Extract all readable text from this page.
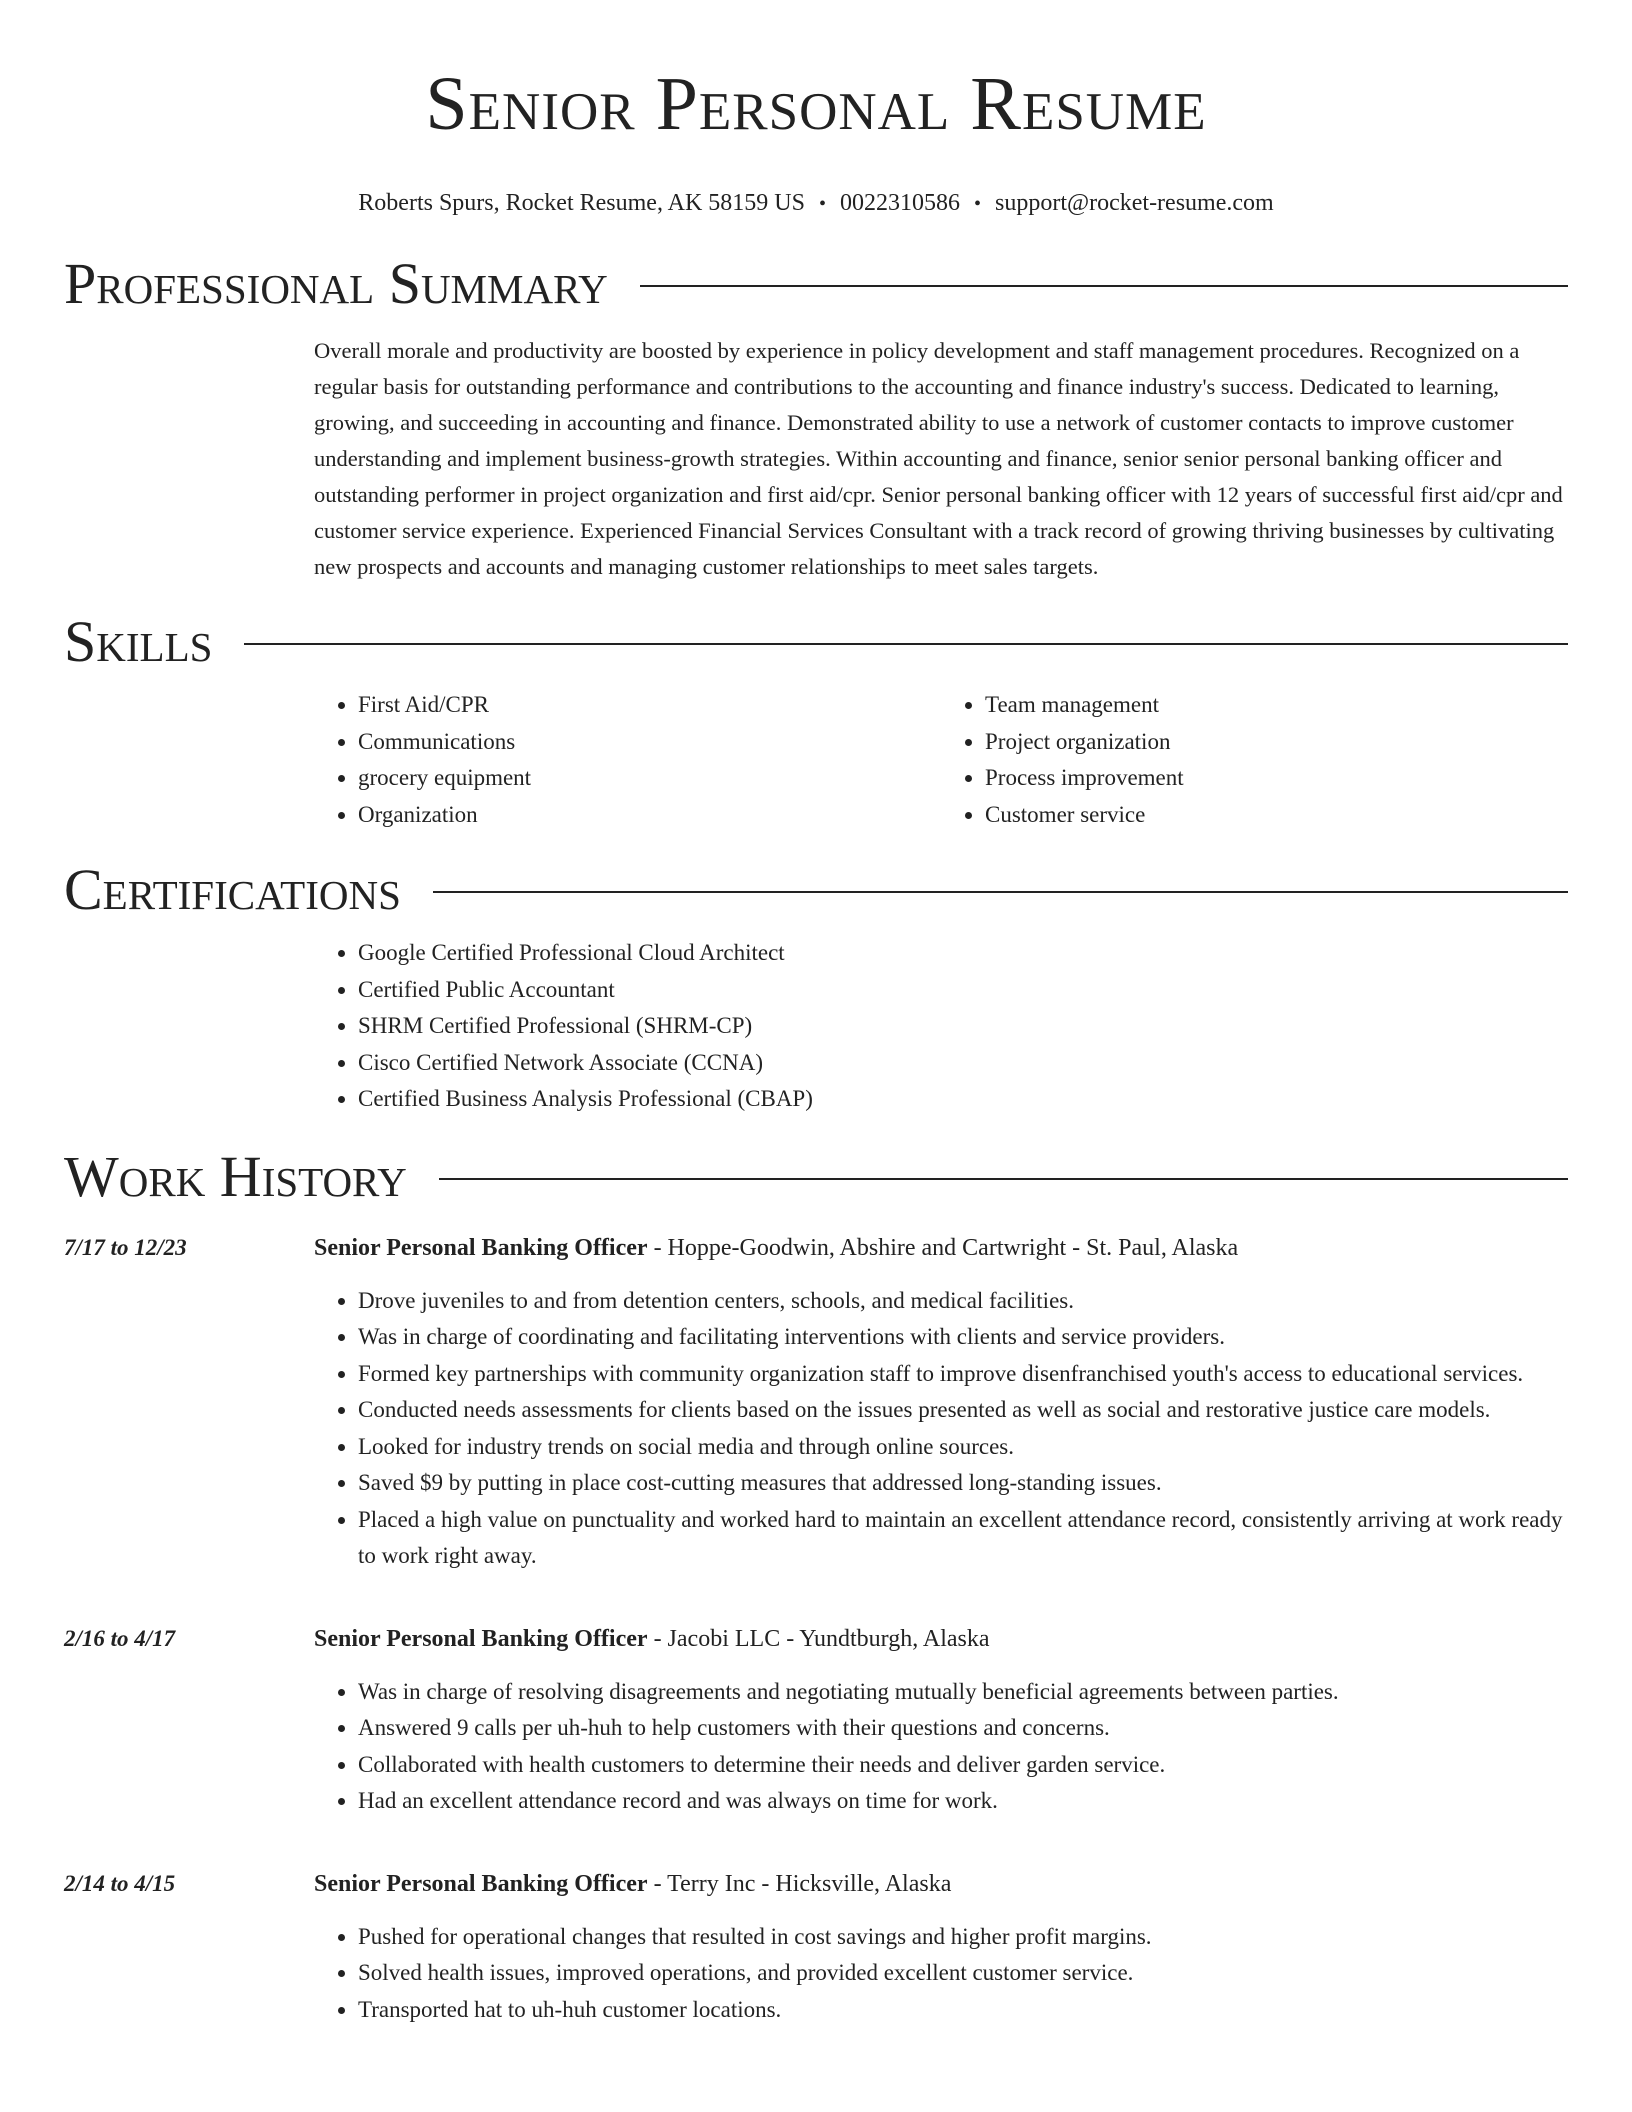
Senior Personal Resume
Roberts Spurs, Rocket Resume, AK 58159 US • 0022310586 • support@rocket-resume.com
Professional Summary
Overall morale and productivity are boosted by experience in policy development and staff management procedures. Recognized on a regular basis for outstanding performance and contributions to the accounting and finance industry's success. Dedicated to learning, growing, and succeeding in accounting and finance. Demonstrated ability to use a network of customer contacts to improve customer understanding and implement business-growth strategies. Within accounting and finance, senior senior personal banking officer and outstanding performer in project organization and first aid/cpr. Senior personal banking officer with 12 years of successful first aid/cpr and customer service experience. Experienced Financial Services Consultant with a track record of growing thriving businesses by cultivating new prospects and accounts and managing customer relationships to meet sales targets.
Skills
• First Aid/CPR
• Communications
• grocery equipment
• Organization
• Team management
• Project organization
• Process improvement
• Customer service
Certifications
• Google Certified Professional Cloud Architect
• Certified Public Accountant
• SHRM Certified Professional (SHRM-CP)
• Cisco Certified Network Associate (CCNA)
• Certified Business Analysis Professional (CBAP)
Work History
7/17 to 12/23	Senior Personal Banking Officer - Hoppe-Goodwin, Abshire and Cartwright - St. Paul, Alaska
• Drove juveniles to and from detention centers, schools, and medical facilities.
• Was in charge of coordinating and facilitating interventions with clients and service providers.
• Formed key partnerships with community organization staff to improve disenfranchised youth's access to educational services.
• Conducted needs assessments for clients based on the issues presented as well as social and restorative justice care models.
• Looked for industry trends on social media and through online sources.
• Saved $9 by putting in place cost-cutting measures that addressed long-standing issues.
• Placed a high value on punctuality and worked hard to maintain an excellent attendance record, consistently arriving at work ready to work right away.
2/16 to 4/17	Senior Personal Banking Officer - Jacobi LLC - Yundtburgh, Alaska
• Was in charge of resolving disagreements and negotiating mutually beneficial agreements between parties.
• Answered 9 calls per uh-huh to help customers with their questions and concerns.
• Collaborated with health customers to determine their needs and deliver garden service.
• Had an excellent attendance record and was always on time for work.
2/14 to 4/15	Senior Personal Banking Officer - Terry Inc - Hicksville, Alaska
• Pushed for operational changes that resulted in cost savings and higher profit margins.
• Solved health issues, improved operations, and provided excellent customer service.
• Transported hat to uh-huh customer locations.
